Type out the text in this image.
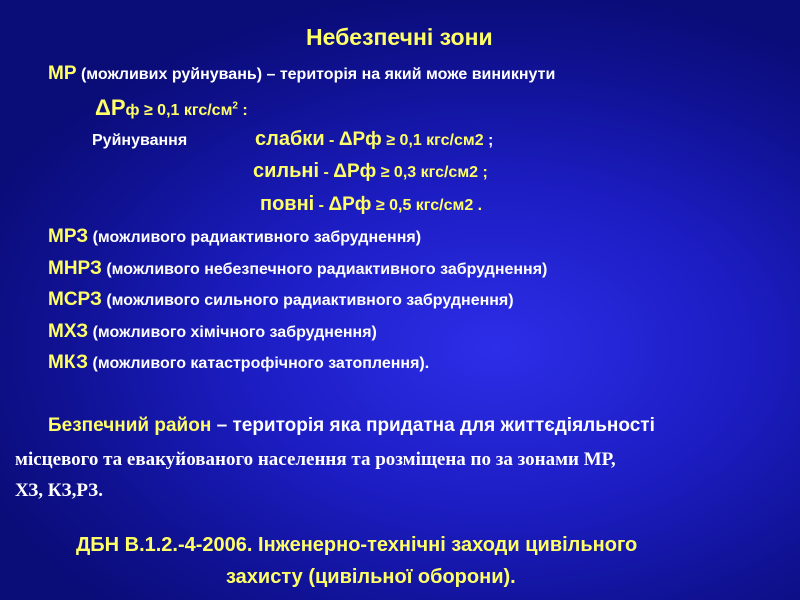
Небезпечні зони
МР (можливих руйнувань) – територія на який може виникнути
ΔРф ≥ 0,1 кгс/$см^2$ :
Руйнування	слабки - ΔРф ≥ 0,1 кгс/см2 ;
сильні - ΔРф ≥ 0,3 кгс/см2 ;
повні - ΔРф ≥ 0,5 кгс/см2 .
МРЗ (можливого радиактивного забруднення)
МНРЗ (можливого небезпечного радиактивного забруднення)
МСРЗ (можливого сильного радиактивного забруднення)
МХЗ (можливого хімічного забруднення)
МКЗ (можливого катастрофічного затоплення).
Безпечний район – територія яка придатна для життєдіяльності
місцевого та евакуйованого населення та розміщена по за зонами МР,
ХЗ, КЗ,РЗ.
ДБН В.1.2.-4-2006. Інженерно-технічні заходи цивільного
захисту (цивільної оборони).
